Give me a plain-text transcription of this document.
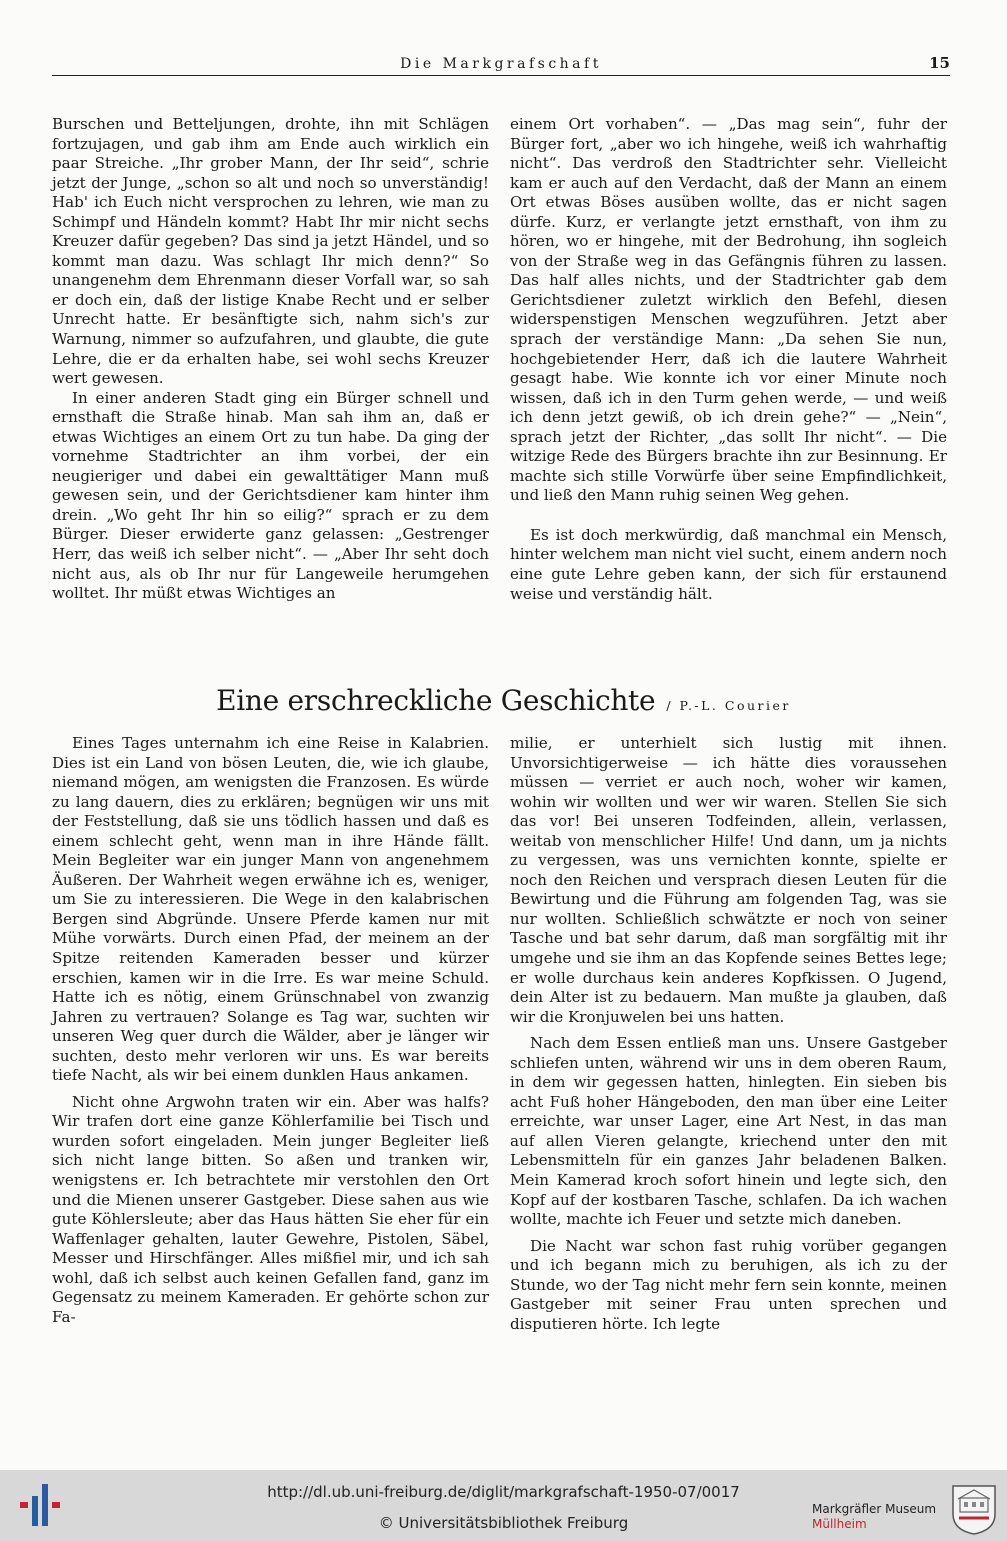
Die Markgrafschaft	15

Burschen und Betteljungen, drohte, ihn mit Schlägen fortzujagen, und gab ihm am Ende auch wirklich ein paar Streiche. „Ihr grober Mann, der Ihr seid“, schrie jetzt der Junge, „schon so alt und noch so unverständig! Hab' ich Euch nicht versprochen zu lehren, wie man zu Schimpf und Händeln kommt? Habt Ihr mir nicht sechs Kreuzer dafür gegeben? Das sind ja jetzt Händel, und so kommt man dazu. Was schlagt Ihr mich denn?“ So unangenehm dem Ehrenmann dieser Vorfall war, so sah er doch ein, daß der listige Knabe Recht und er selber Unrecht hatte. Er besänftigte sich, nahm sich's zur Warnung, nimmer so aufzufahren, und glaubte, die gute Lehre, die er da erhalten habe, sei wohl sechs Kreuzer wert gewesen.

In einer anderen Stadt ging ein Bürger schnell und ernsthaft die Straße hinab. Man sah ihm an, daß er etwas Wichtiges an einem Ort zu tun habe. Da ging der vornehme Stadtrichter an ihm vorbei, der ein neugieriger und dabei ein gewalttätiger Mann muß gewesen sein, und der Gerichtsdiener kam hinter ihm drein. „Wo geht Ihr hin so eilig?“ sprach er zu dem Bürger. Dieser erwiderte ganz gelassen: „Gestrenger Herr, das weiß ich selber nicht“. — „Aber Ihr seht doch nicht aus, als ob Ihr nur für Langeweile herumgehen wolltet. Ihr müßt etwas Wichtiges an

einem Ort vorhaben“. — „Das mag sein“, fuhr der Bürger fort, „aber wo ich hingehe, weiß ich wahrhaftig nicht“. Das verdroß den Stadtrichter sehr. Vielleicht kam er auch auf den Verdacht, daß der Mann an einem Ort etwas Böses ausüben wollte, das er nicht sagen dürfe. Kurz, er verlangte jetzt ernsthaft, von ihm zu hören, wo er hingehe, mit der Bedrohung, ihn sogleich von der Straße weg in das Gefängnis führen zu lassen. Das half alles nichts, und der Stadtrichter gab dem Gerichtsdiener zuletzt wirklich den Befehl, diesen widerspenstigen Menschen wegzuführen. Jetzt aber sprach der verständige Mann: „Da sehen Sie nun, hochgebietender Herr, daß ich die lautere Wahrheit gesagt habe. Wie konnte ich vor einer Minute noch wissen, daß ich in den Turm gehen werde, — und weiß ich denn jetzt gewiß, ob ich drein gehe?“ — „Nein“, sprach jetzt der Richter, „das sollt Ihr nicht“. — Die witzige Rede des Bürgers brachte ihn zur Besinnung. Er machte sich stille Vorwürfe über seine Empfindlichkeit, und ließ den Mann ruhig seinen Weg gehen.

Es ist doch merkwürdig, daß manchmal ein Mensch, hinter welchem man nicht viel sucht, einem andern noch eine gute Lehre geben kann, der sich für erstaunend weise und verständig hält.

Eine erschreckliche Geschichte / P.-L. Courier

Eines Tages unternahm ich eine Reise in Kalabrien. Dies ist ein Land von bösen Leuten, die, wie ich glaube, niemand mögen, am wenigsten die Franzosen. Es würde zu lang dauern, dies zu erklären; begnügen wir uns mit der Feststellung, daß sie uns tödlich hassen und daß es einem schlecht geht, wenn man in ihre Hände fällt. Mein Begleiter war ein junger Mann von angenehmem Äußeren. Der Wahrheit wegen erwähne ich es, weniger, um Sie zu interessieren. Die Wege in den kalabrischen Bergen sind Abgründe. Unsere Pferde kamen nur mit Mühe vorwärts. Durch einen Pfad, der meinem an der Spitze reitenden Kameraden besser und kürzer erschien, kamen wir in die Irre. Es war meine Schuld. Hatte ich es nötig, einem Grünschnabel von zwanzig Jahren zu vertrauen? Solange es Tag war, suchten wir unseren Weg quer durch die Wälder, aber je länger wir suchten, desto mehr verloren wir uns. Es war bereits tiefe Nacht, als wir bei einem dunklen Haus ankamen.

Nicht ohne Argwohn traten wir ein. Aber was halfs? Wir trafen dort eine ganze Köhlerfamilie bei Tisch und wurden sofort eingeladen. Mein junger Begleiter ließ sich nicht lange bitten. So aßen und tranken wir, wenigstens er. Ich betrachtete mir verstohlen den Ort und die Mienen unserer Gastgeber. Diese sahen aus wie gute Köhlersleute; aber das Haus hätten Sie eher für ein Waffenlager gehalten, lauter Gewehre, Pistolen, Säbel, Messer und Hirschfänger. Alles mißfiel mir, und ich sah wohl, daß ich selbst auch keinen Gefallen fand, ganz im Gegensatz zu meinem Kameraden. Er gehörte schon zur Fa-

milie, er unterhielt sich lustig mit ihnen. Unvorsichtigerweise — ich hätte dies voraussehen müssen — verriet er auch noch, woher wir kamen, wohin wir wollten und wer wir waren. Stellen Sie sich das vor! Bei unseren Todfeinden, allein, verlassen, weitab von menschlicher Hilfe! Und dann, um ja nichts zu vergessen, was uns vernichten konnte, spielte er noch den Reichen und versprach diesen Leuten für die Bewirtung und die Führung am folgenden Tag, was sie nur wollten. Schließlich schwätzte er noch von seiner Tasche und bat sehr darum, daß man sorgfältig mit ihr umgehe und sie ihm an das Kopfende seines Bettes lege; er wolle durchaus kein anderes Kopfkissen. O Jugend, dein Alter ist zu bedauern. Man mußte ja glauben, daß wir die Kronjuwelen bei uns hatten.

Nach dem Essen entließ man uns. Unsere Gastgeber schliefen unten, während wir uns in dem oberen Raum, in dem wir gegessen hatten, hinlegten. Ein sieben bis acht Fuß hoher Hängeboden, den man über eine Leiter erreichte, war unser Lager, eine Art Nest, in das man auf allen Vieren gelangte, kriechend unter den mit Lebensmitteln für ein ganzes Jahr beladenen Balken. Mein Kamerad kroch sofort hinein und legte sich, den Kopf auf der kostbaren Tasche, schlafen. Da ich wachen wollte, machte ich Feuer und setzte mich daneben.

Die Nacht war schon fast ruhig vorüber gegangen und ich begann mich zu beruhigen, als ich zu der Stunde, wo der Tag nicht mehr fern sein konnte, meinen Gastgeber mit seiner Frau unten sprechen und disputieren hörte. Ich legte

http://dl.ub.uni-freiburg.de/diglit/markgrafschaft-1950-07/0017
© Universitätsbibliothek Freiburg
Markgräfler Museum
Müllheim
